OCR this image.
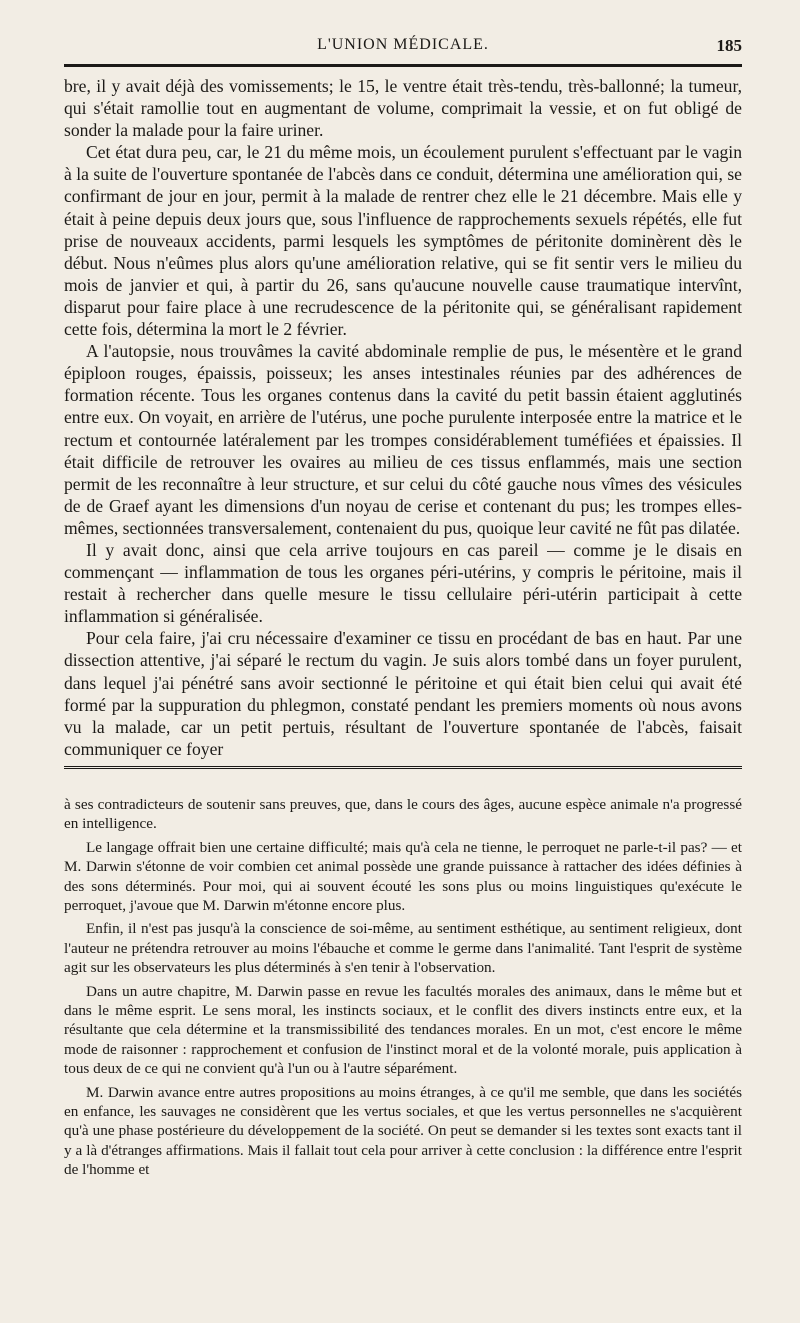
L'UNION MÉDICALE.	185

bre, il y avait déjà des vomissements; le 15, le ventre était très-tendu, très-ballonné; la tumeur, qui s'était ramollie tout en augmentant de volume, comprimait la vessie, et on fut obligé de sonder la malade pour la faire uriner.

Cet état dura peu, car, le 21 du même mois, un écoulement purulent s'effectuant par le vagin à la suite de l'ouverture spontanée de l'abcès dans ce conduit, détermina une amélioration qui, se confirmant de jour en jour, permit à la malade de rentrer chez elle le 21 décembre. Mais elle y était à peine depuis deux jours que, sous l'influence de rapprochements sexuels répétés, elle fut prise de nouveaux accidents, parmi lesquels les symptômes de péritonite dominèrent dès le début. Nous n'eûmes plus alors qu'une amélioration relative, qui se fit sentir vers le milieu du mois de janvier et qui, à partir du 26, sans qu'aucune nouvelle cause traumatique intervînt, disparut pour faire place à une recrudescence de la péritonite qui, se généralisant rapidement cette fois, détermina la mort le 2 février.

A l'autopsie, nous trouvâmes la cavité abdominale remplie de pus, le mésentère et le grand épiploon rouges, épaissis, poisseux; les anses intestinales réunies par des adhérences de formation récente. Tous les organes contenus dans la cavité du petit bassin étaient agglutinés entre eux. On voyait, en arrière de l'utérus, une poche purulente interposée entre la matrice et le rectum et contournée latéralement par les trompes considérablement tuméfiées et épaissies. Il était difficile de retrouver les ovaires au milieu de ces tissus enflammés, mais une section permit de les reconnaître à leur structure, et sur celui du côté gauche nous vîmes des vésicules de de Graef ayant les dimensions d'un noyau de cerise et contenant du pus; les trompes elles-mêmes, sectionnées transversalement, contenaient du pus, quoique leur cavité ne fût pas dilatée.

Il y avait donc, ainsi que cela arrive toujours en cas pareil — comme je le disais en commençant — inflammation de tous les organes péri-utérins, y compris le péritoine, mais il restait à rechercher dans quelle mesure le tissu cellulaire péri-utérin participait à cette inflammation si généralisée.

Pour cela faire, j'ai cru nécessaire d'examiner ce tissu en procédant de bas en haut. Par une dissection attentive, j'ai séparé le rectum du vagin. Je suis alors tombé dans un foyer purulent, dans lequel j'ai pénétré sans avoir sectionné le péritoine et qui était bien celui qui avait été formé par la suppuration du phlegmon, constaté pendant les premiers moments où nous avons vu la malade, car un petit pertuis, résultant de l'ouverture spontanée de l'abcès, faisait communiquer ce foyer

à ses contradicteurs de soutenir sans preuves, que, dans le cours des âges, aucune espèce animale n'a progressé en intelligence.

Le langage offrait bien une certaine difficulté; mais qu'à cela ne tienne, le perroquet ne parle-t-il pas? — et M. Darwin s'étonne de voir combien cet animal possède une grande puissance à rattacher des idées définies à des sons déterminés. Pour moi, qui ai souvent écouté les sons plus ou moins linguistiques qu'exécute le perroquet, j'avoue que M. Darwin m'étonne encore plus.

Enfin, il n'est pas jusqu'à la conscience de soi-même, au sentiment esthétique, au sentiment religieux, dont l'auteur ne prétendra retrouver au moins l'ébauche et comme le germe dans l'animalité. Tant l'esprit de système agit sur les observateurs les plus déterminés à s'en tenir à l'observation.

Dans un autre chapitre, M. Darwin passe en revue les facultés morales des animaux, dans le même but et dans le même esprit. Le sens moral, les instincts sociaux, et le conflit des divers instincts entre eux, et la résultante que cela détermine et la transmissibilité des tendances morales. En un mot, c'est encore le même mode de raisonner : rapprochement et confusion de l'instinct moral et de la volonté morale, puis application à tous deux de ce qui ne convient qu'à l'un ou à l'autre séparément.

M. Darwin avance entre autres propositions au moins étranges, à ce qu'il me semble, que dans les sociétés en enfance, les sauvages ne considèrent que les vertus sociales, et que les vertus personnelles ne s'acquièrent qu'à une phase postérieure du développement de la société. On peut se demander si les textes sont exacts tant il y a là d'étranges affirmations. Mais il fallait tout cela pour arriver à cette conclusion : la différence entre l'esprit de l'homme et
